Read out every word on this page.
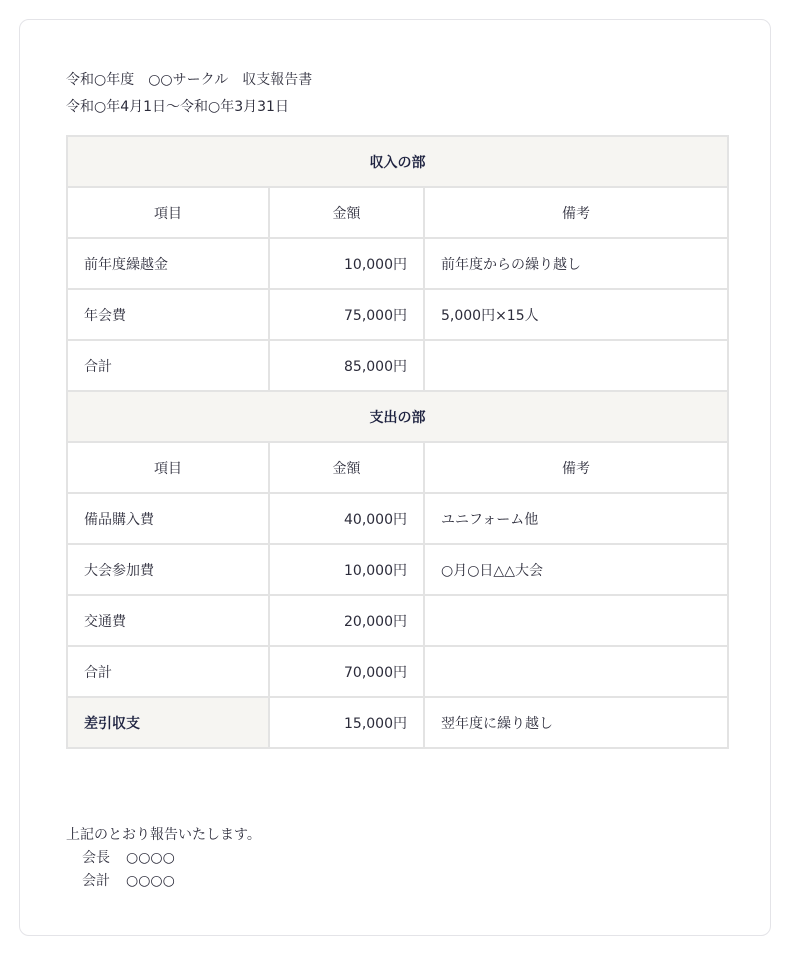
令和○年度　○○サークル　収支報告書
令和○年4月1日〜令和○年3月31日
収入の部		
項目	金額	備考
前年度繰越金	10,000円	前年度からの繰り越し
年会費	75,000円	5,000円×15人
合計	85,000円	
支出の部		
項目	金額	備考
備品購入費	40,000円	ユニフォーム他
大会参加費	10,000円	○月○日△△大会
交通費	20,000円	
合計	70,000円	
差引収支	15,000円	翌年度に繰り越し
上記のとおり報告いたします。
会長 ○○○○
会計 ○○○○
